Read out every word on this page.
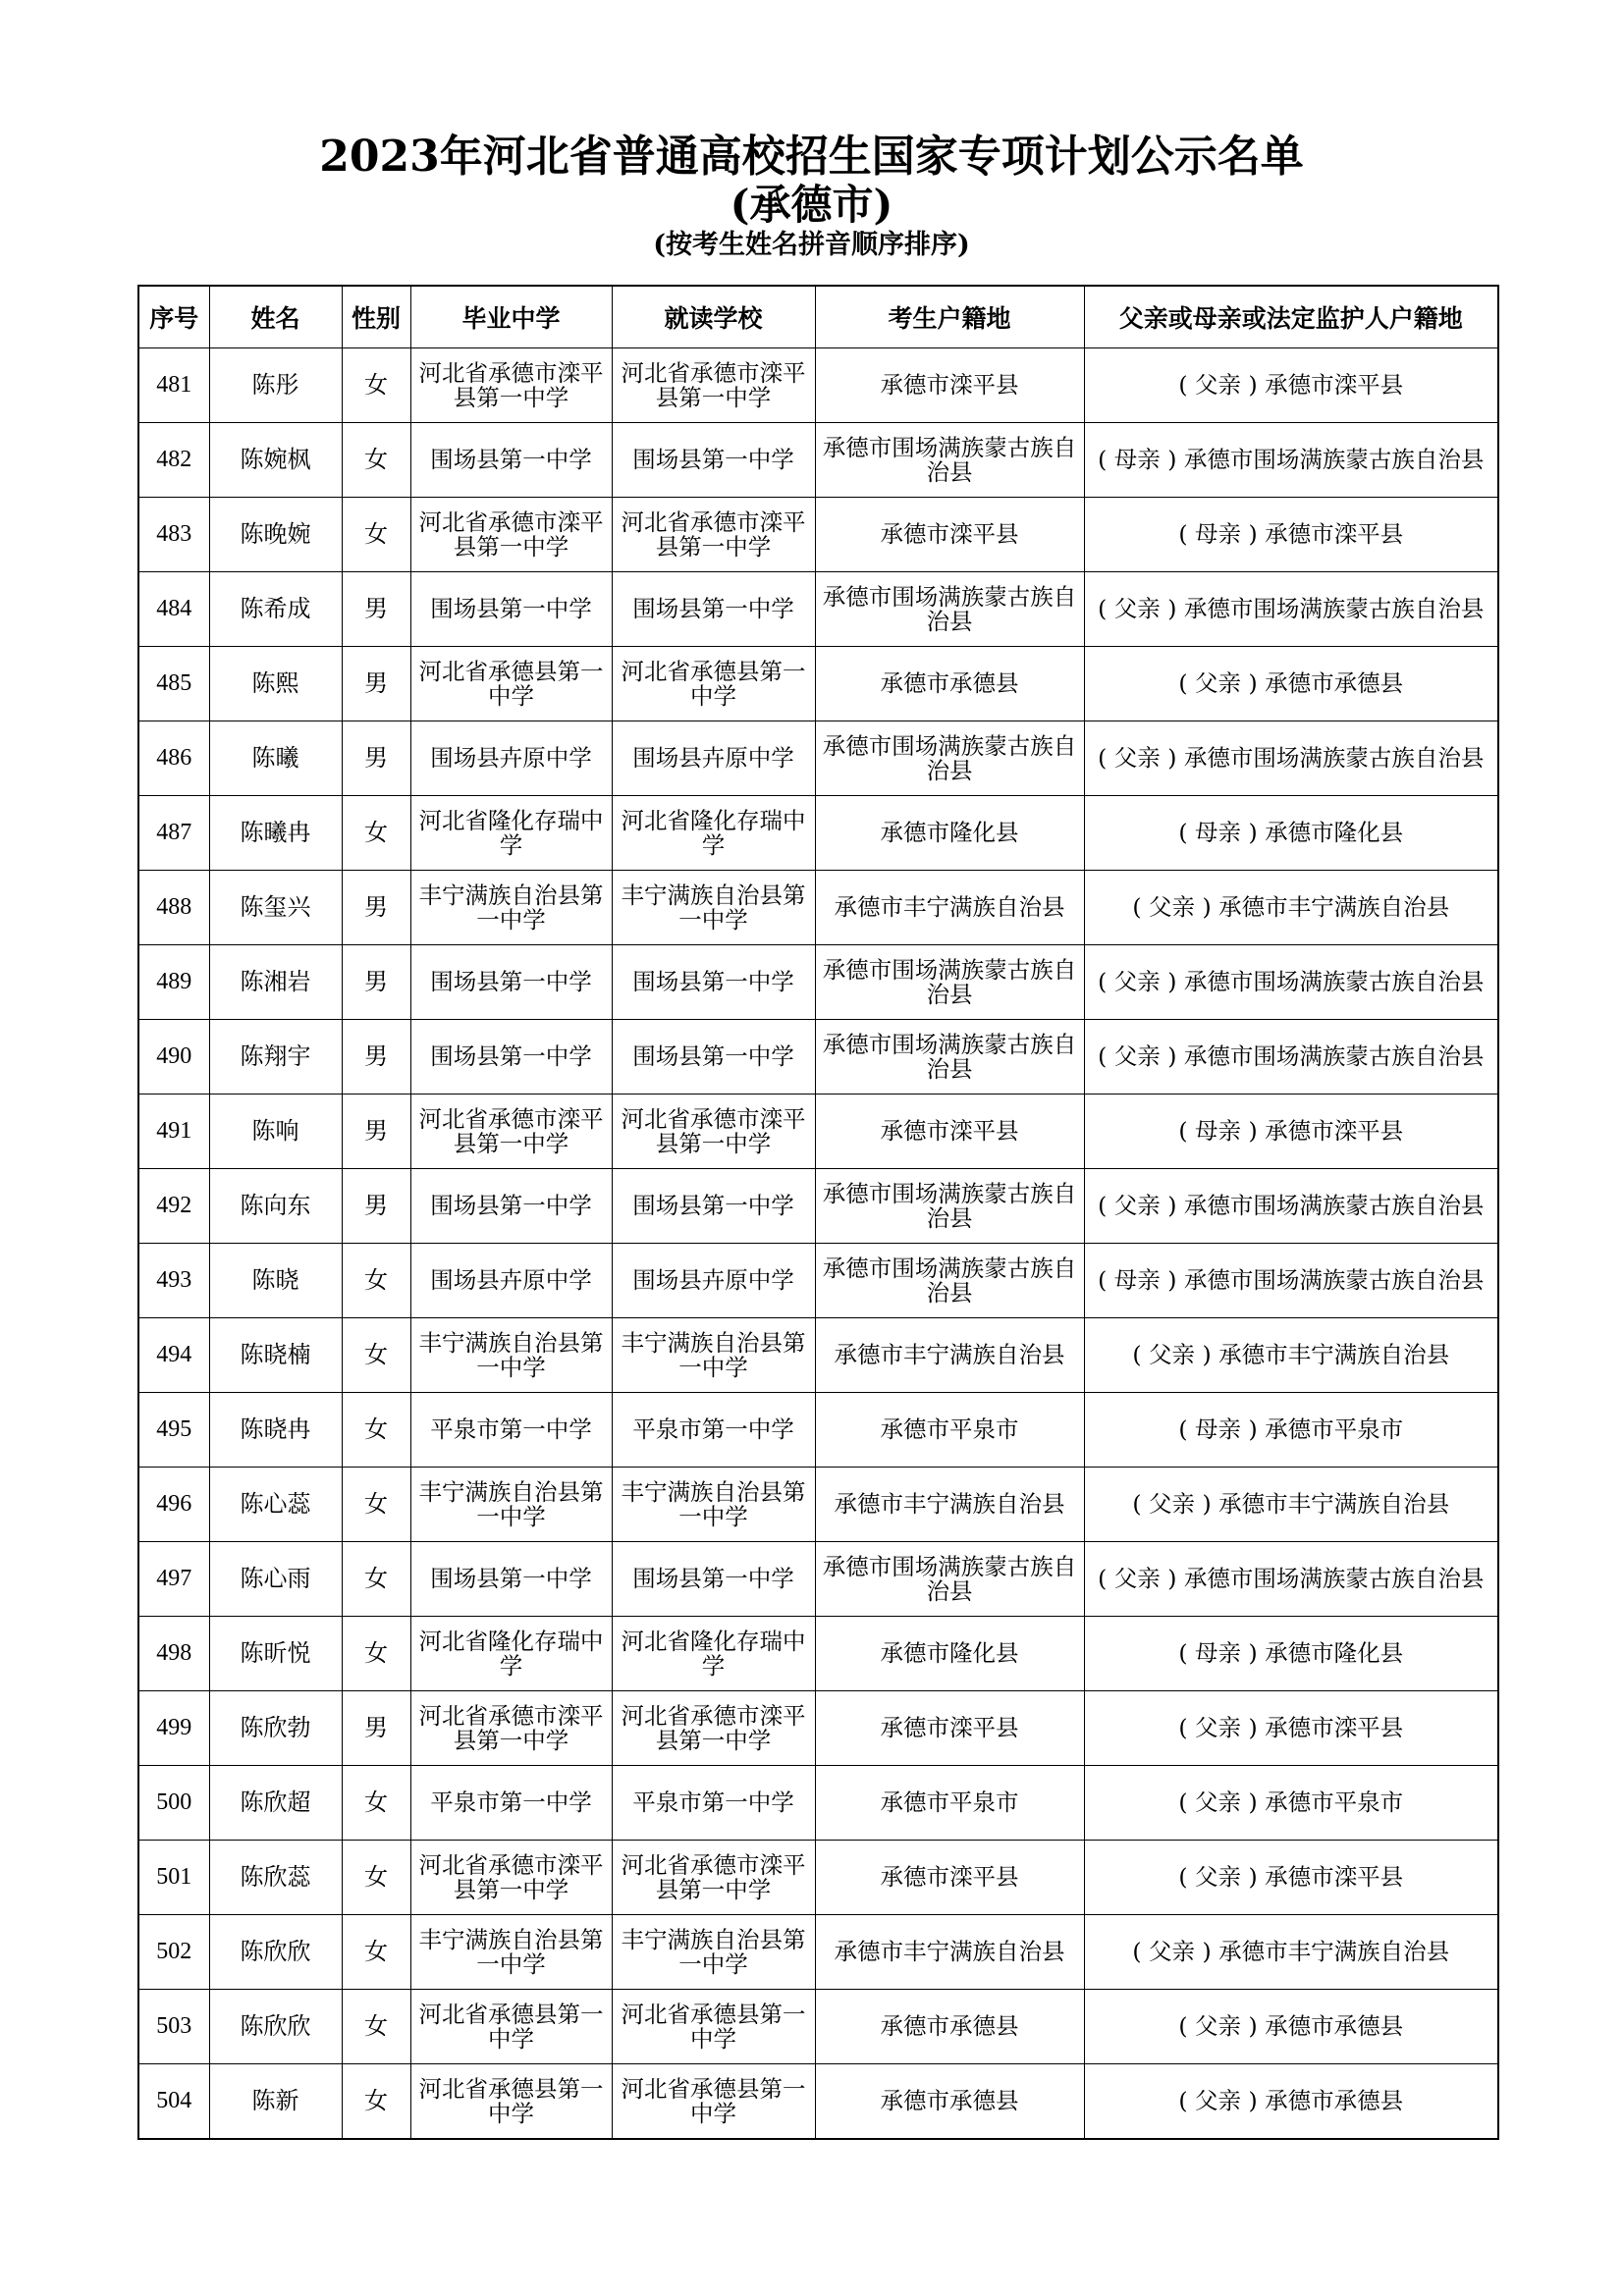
2023年河北省普通高校招生国家专项计划公示名单
(承德市)
(按考生姓名拼音顺序排序)
序号	姓名	性别	毕业中学	就读学校	考生户籍地	父亲或母亲或法定监护人户籍地
481	陈彤	女	河北省承德市滦平县第一中学	河北省承德市滦平县第一中学	承德市滦平县	( 父亲 ) 承德市滦平县
482	陈婉枫	女	围场县第一中学	围场县第一中学	承德市围场满族蒙古族自治县	( 母亲 ) 承德市围场满族蒙古族自治县
483	陈晚婉	女	河北省承德市滦平县第一中学	河北省承德市滦平县第一中学	承德市滦平县	( 母亲 ) 承德市滦平县
484	陈希成	男	围场县第一中学	围场县第一中学	承德市围场满族蒙古族自治县	( 父亲 ) 承德市围场满族蒙古族自治县
485	陈熙	男	河北省承德县第一中学	河北省承德县第一中学	承德市承德县	( 父亲 ) 承德市承德县
486	陈曦	男	围场县卉原中学	围场县卉原中学	承德市围场满族蒙古族自治县	( 父亲 ) 承德市围场满族蒙古族自治县
487	陈曦冉	女	河北省隆化存瑞中学	河北省隆化存瑞中学	承德市隆化县	( 母亲 ) 承德市隆化县
488	陈玺兴	男	丰宁满族自治县第一中学	丰宁满族自治县第一中学	承德市丰宁满族自治县	( 父亲 ) 承德市丰宁满族自治县
489	陈湘岩	男	围场县第一中学	围场县第一中学	承德市围场满族蒙古族自治县	( 父亲 ) 承德市围场满族蒙古族自治县
490	陈翔宇	男	围场县第一中学	围场县第一中学	承德市围场满族蒙古族自治县	( 父亲 ) 承德市围场满族蒙古族自治县
491	陈响	男	河北省承德市滦平县第一中学	河北省承德市滦平县第一中学	承德市滦平县	( 母亲 ) 承德市滦平县
492	陈向东	男	围场县第一中学	围场县第一中学	承德市围场满族蒙古族自治县	( 父亲 ) 承德市围场满族蒙古族自治县
493	陈晓	女	围场县卉原中学	围场县卉原中学	承德市围场满族蒙古族自治县	( 母亲 ) 承德市围场满族蒙古族自治县
494	陈晓楠	女	丰宁满族自治县第一中学	丰宁满族自治县第一中学	承德市丰宁满族自治县	( 父亲 ) 承德市丰宁满族自治县
495	陈晓冉	女	平泉市第一中学	平泉市第一中学	承德市平泉市	( 母亲 ) 承德市平泉市
496	陈心蕊	女	丰宁满族自治县第一中学	丰宁满族自治县第一中学	承德市丰宁满族自治县	( 父亲 ) 承德市丰宁满族自治县
497	陈心雨	女	围场县第一中学	围场县第一中学	承德市围场满族蒙古族自治县	( 父亲 ) 承德市围场满族蒙古族自治县
498	陈昕悦	女	河北省隆化存瑞中学	河北省隆化存瑞中学	承德市隆化县	( 母亲 ) 承德市隆化县
499	陈欣勃	男	河北省承德市滦平县第一中学	河北省承德市滦平县第一中学	承德市滦平县	( 父亲 ) 承德市滦平县
500	陈欣超	女	平泉市第一中学	平泉市第一中学	承德市平泉市	( 父亲 ) 承德市平泉市
501	陈欣蕊	女	河北省承德市滦平县第一中学	河北省承德市滦平县第一中学	承德市滦平县	( 父亲 ) 承德市滦平县
502	陈欣欣	女	丰宁满族自治县第一中学	丰宁满族自治县第一中学	承德市丰宁满族自治县	( 父亲 ) 承德市丰宁满族自治县
503	陈欣欣	女	河北省承德县第一中学	河北省承德县第一中学	承德市承德县	( 父亲 ) 承德市承德县
504	陈新	女	河北省承德县第一中学	河北省承德县第一中学	承德市承德县	( 父亲 ) 承德市承德县
